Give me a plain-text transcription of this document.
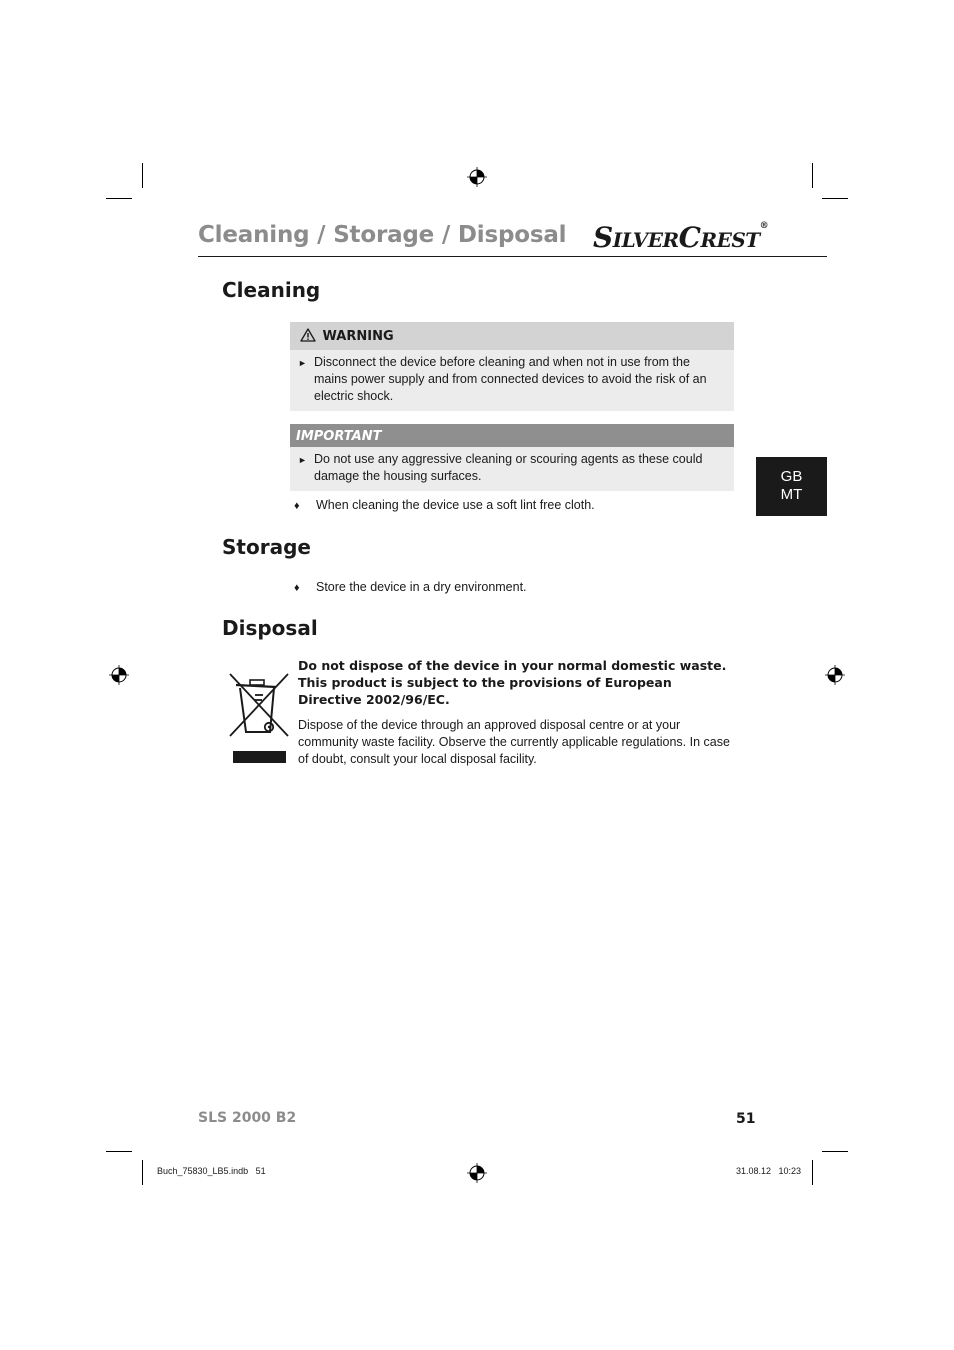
Cleaning / Storage / Disposal SILVERCREST®
GB
MT
Cleaning
WARNING
► Disconnect the device before cleaning and when not in use from the mains power supply and from connected devices to avoid the risk of an electric shock.
IMPORTANT
► Do not use any aggressive cleaning or scouring agents as these could damage the housing surfaces.
♦ When cleaning the device use a soft lint free cloth.
Storage
♦ Store the device in a dry environment.
Disposal
Do not dispose of the device in your normal domestic waste. This product is subject to the provisions of European Directive 2002/96/EC.
Dispose of the device through an approved disposal centre or at your community waste facility. Observe the currently applicable regulations. In case of doubt, consult your local disposal facility.
SLS 2000 B2	51
Buch_75830_LB5.indb   51	31.08.12   10:23
